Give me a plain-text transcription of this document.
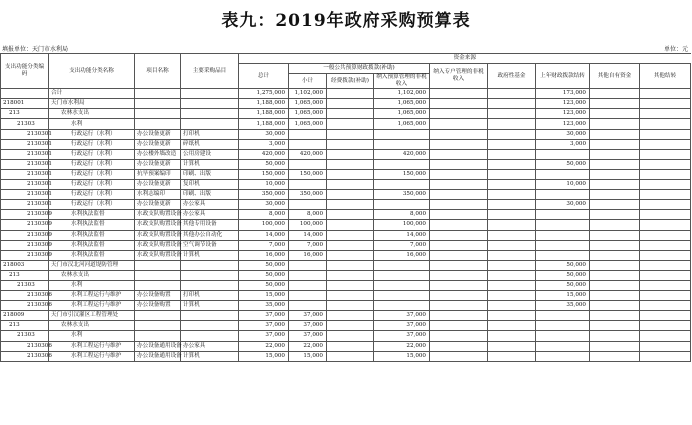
表九：2019年政府采购预算表
填报单位：天门市水利局	单位：元
支出功能分类编码	支出功能分类名称	项目名称	主要采购品目	资金来源								
				总计	一般公共预算财政拨款(补助)			纳入专户管理的非税收入	政府性基金	上年财政拨款结转	其他自有资金	其他结转
					小计	经费拨款(补助)	纳入预算管理的非税收入					
	合计			1,275,000	1,102,000		1,102,000			173,000		
218001	天门市水利局			1,188,000	1,065,000		1,065,000			123,000		
213	农林水支出			1,188,000	1,065,000		1,065,000			123,000		
21303	水利			1,188,000	1,065,000		1,065,000			123,000		
2130301	行政运行（水利）	办公设备更新	打印机	30,000						30,000		
2130301	行政运行（水利）	办公设备更新	碎纸机	3,000						3,000		
2130301	行政运行（水利）	办公楼外墙改造	公用房建设	420,000	420,000		420,000					
2130301	行政运行（水利）	办公设备更新	计算机	50,000						50,000		
2130301	行政运行（水利）	抗旱预案编印	印刷、出版	150,000	150,000		150,000					
2130301	行政运行（水利）	办公设备更新	复印机	10,000						10,000		
2130301	行政运行（水利）	水利志编印	印刷、出版	350,000	350,000		350,000					
2130301	行政运行（水利）	办公设备更新	办公家具	30,000						30,000		
2130309	水利执法监督	水政支队购置设备	办公家具	8,000	8,000		8,000					
2130309	水利执法监督	水政支队购置设备	其他专用设备	100,000	100,000		100,000					
2130309	水利执法监督	水政支队购置设备	其他办公自动化	14,000	14,000		14,000					
2130309	水利执法监督	水政支队购置设备	空气调节设备	7,000	7,000		7,000					
2130309	水利执法监督	水政支队购置设备	计算机	16,000	16,000		16,000					
218003	天门市汉北河河道堤防管理			50,000						50,000		
213	农林水支出			50,000						50,000		
21303	水利			50,000						50,000		
2130306	水利工程运行与维护	办公设备购置	打印机	15,000						15,000		
2130306	水利工程运行与维护	办公设备购置	计算机	35,000						35,000		
218009	天门市引汉灌区工程管理处			37,000	37,000		37,000					
213	农林水支出			37,000	37,000		37,000					
21303	水利			37,000	37,000		37,000					
2130306	水利工程运行与维护	办公设备通用设备	办公家具	22,000	22,000		22,000					
2130306	水利工程运行与维护	办公设备通用设备	计算机	15,000	15,000		15,000					
